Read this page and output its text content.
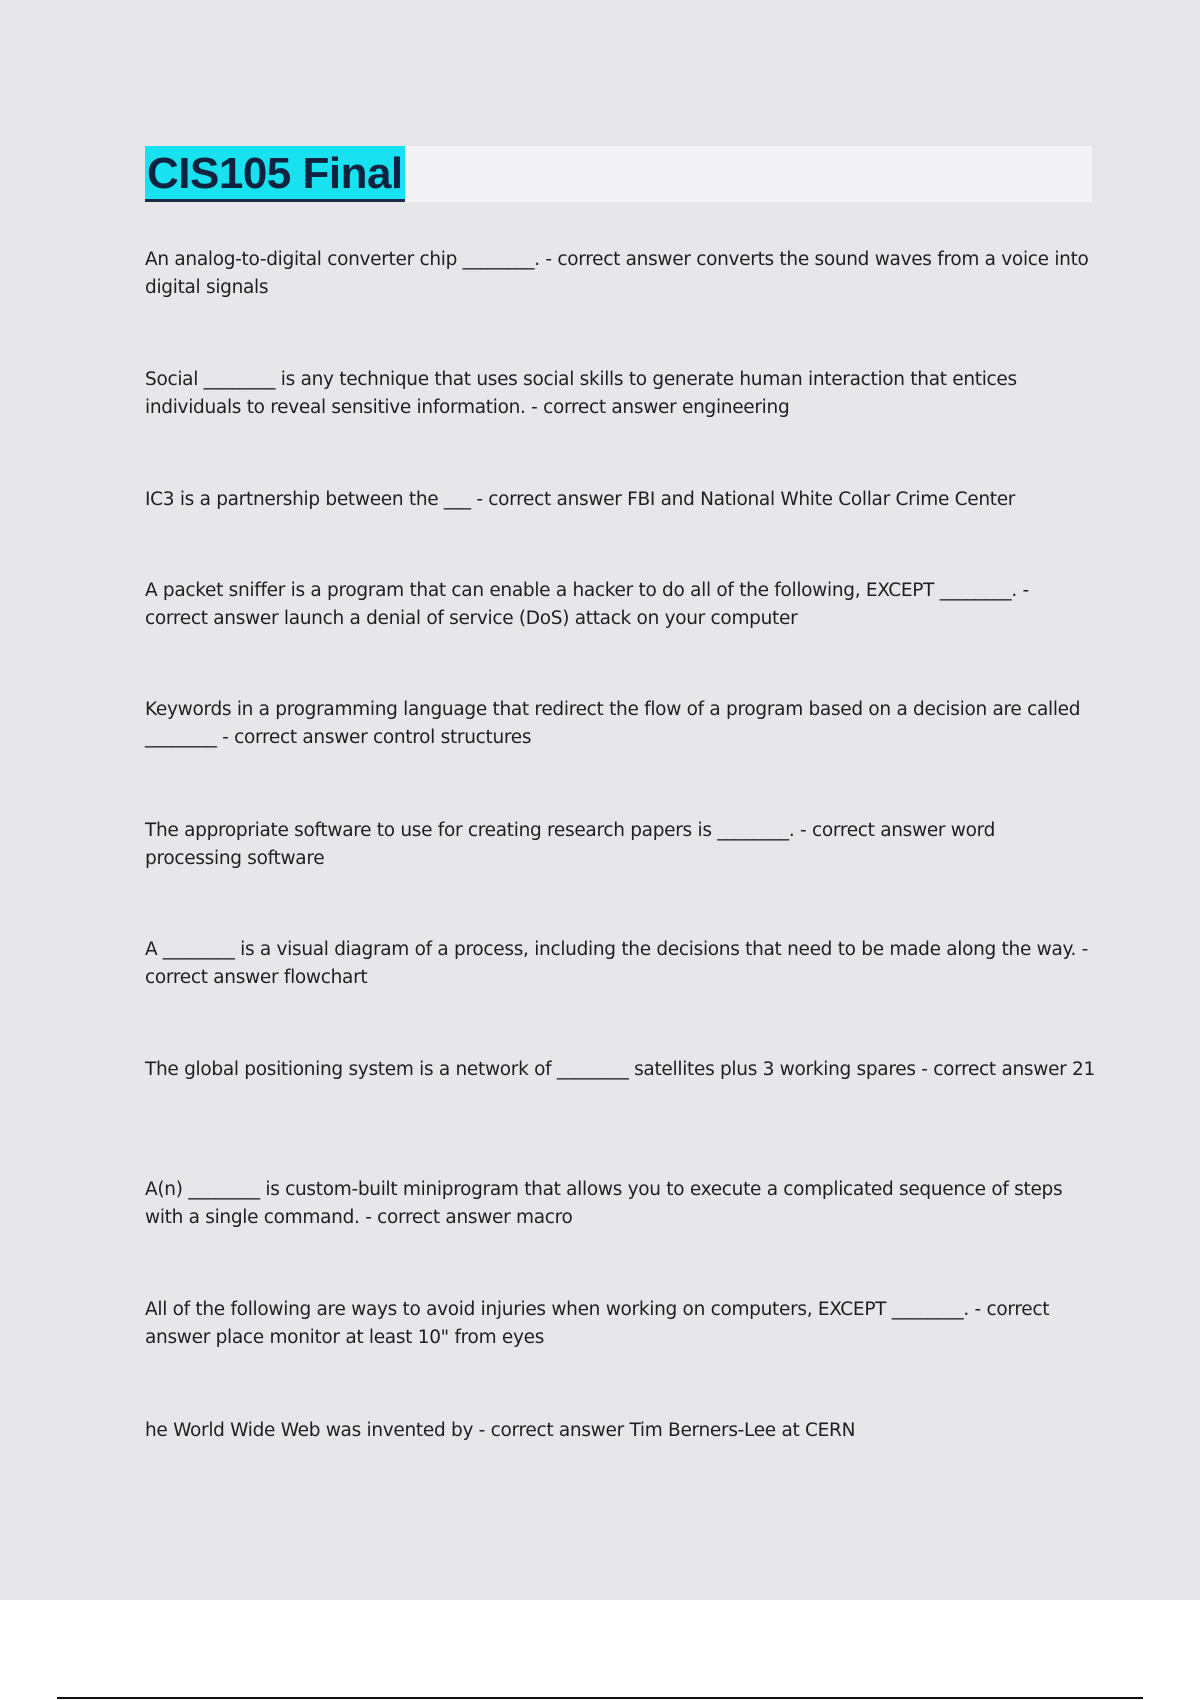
CIS105 Final
An analog-to-digital converter chip ________. - correct answer converts the sound waves from a voice into digital signals
Social ________ is any technique that uses social skills to generate human interaction that entices individuals to reveal sensitive information. - correct answer engineering
IC3 is a partnership between the ___ - correct answer FBI and National White Collar Crime Center
A packet sniffer is a program that can enable a hacker to do all of the following, EXCEPT ________. - correct answer launch a denial of service (DoS) attack on your computer
Keywords in a programming language that redirect the flow of a program based on a decision are called ________ - correct answer control structures
The appropriate software to use for creating research papers is ________. - correct answer word processing software
A ________ is a visual diagram of a process, including the decisions that need to be made along the way. - correct answer flowchart
The global positioning system is a network of ________ satellites plus 3 working spares - correct answer 21
A(n) ________ is custom-built miniprogram that allows you to execute a complicated sequence of steps with a single command. - correct answer macro
All of the following are ways to avoid injuries when working on computers, EXCEPT ________. - correct answer place monitor at least 10" from eyes
he World Wide Web was invented by - correct answer Tim Berners-Lee at CERN
